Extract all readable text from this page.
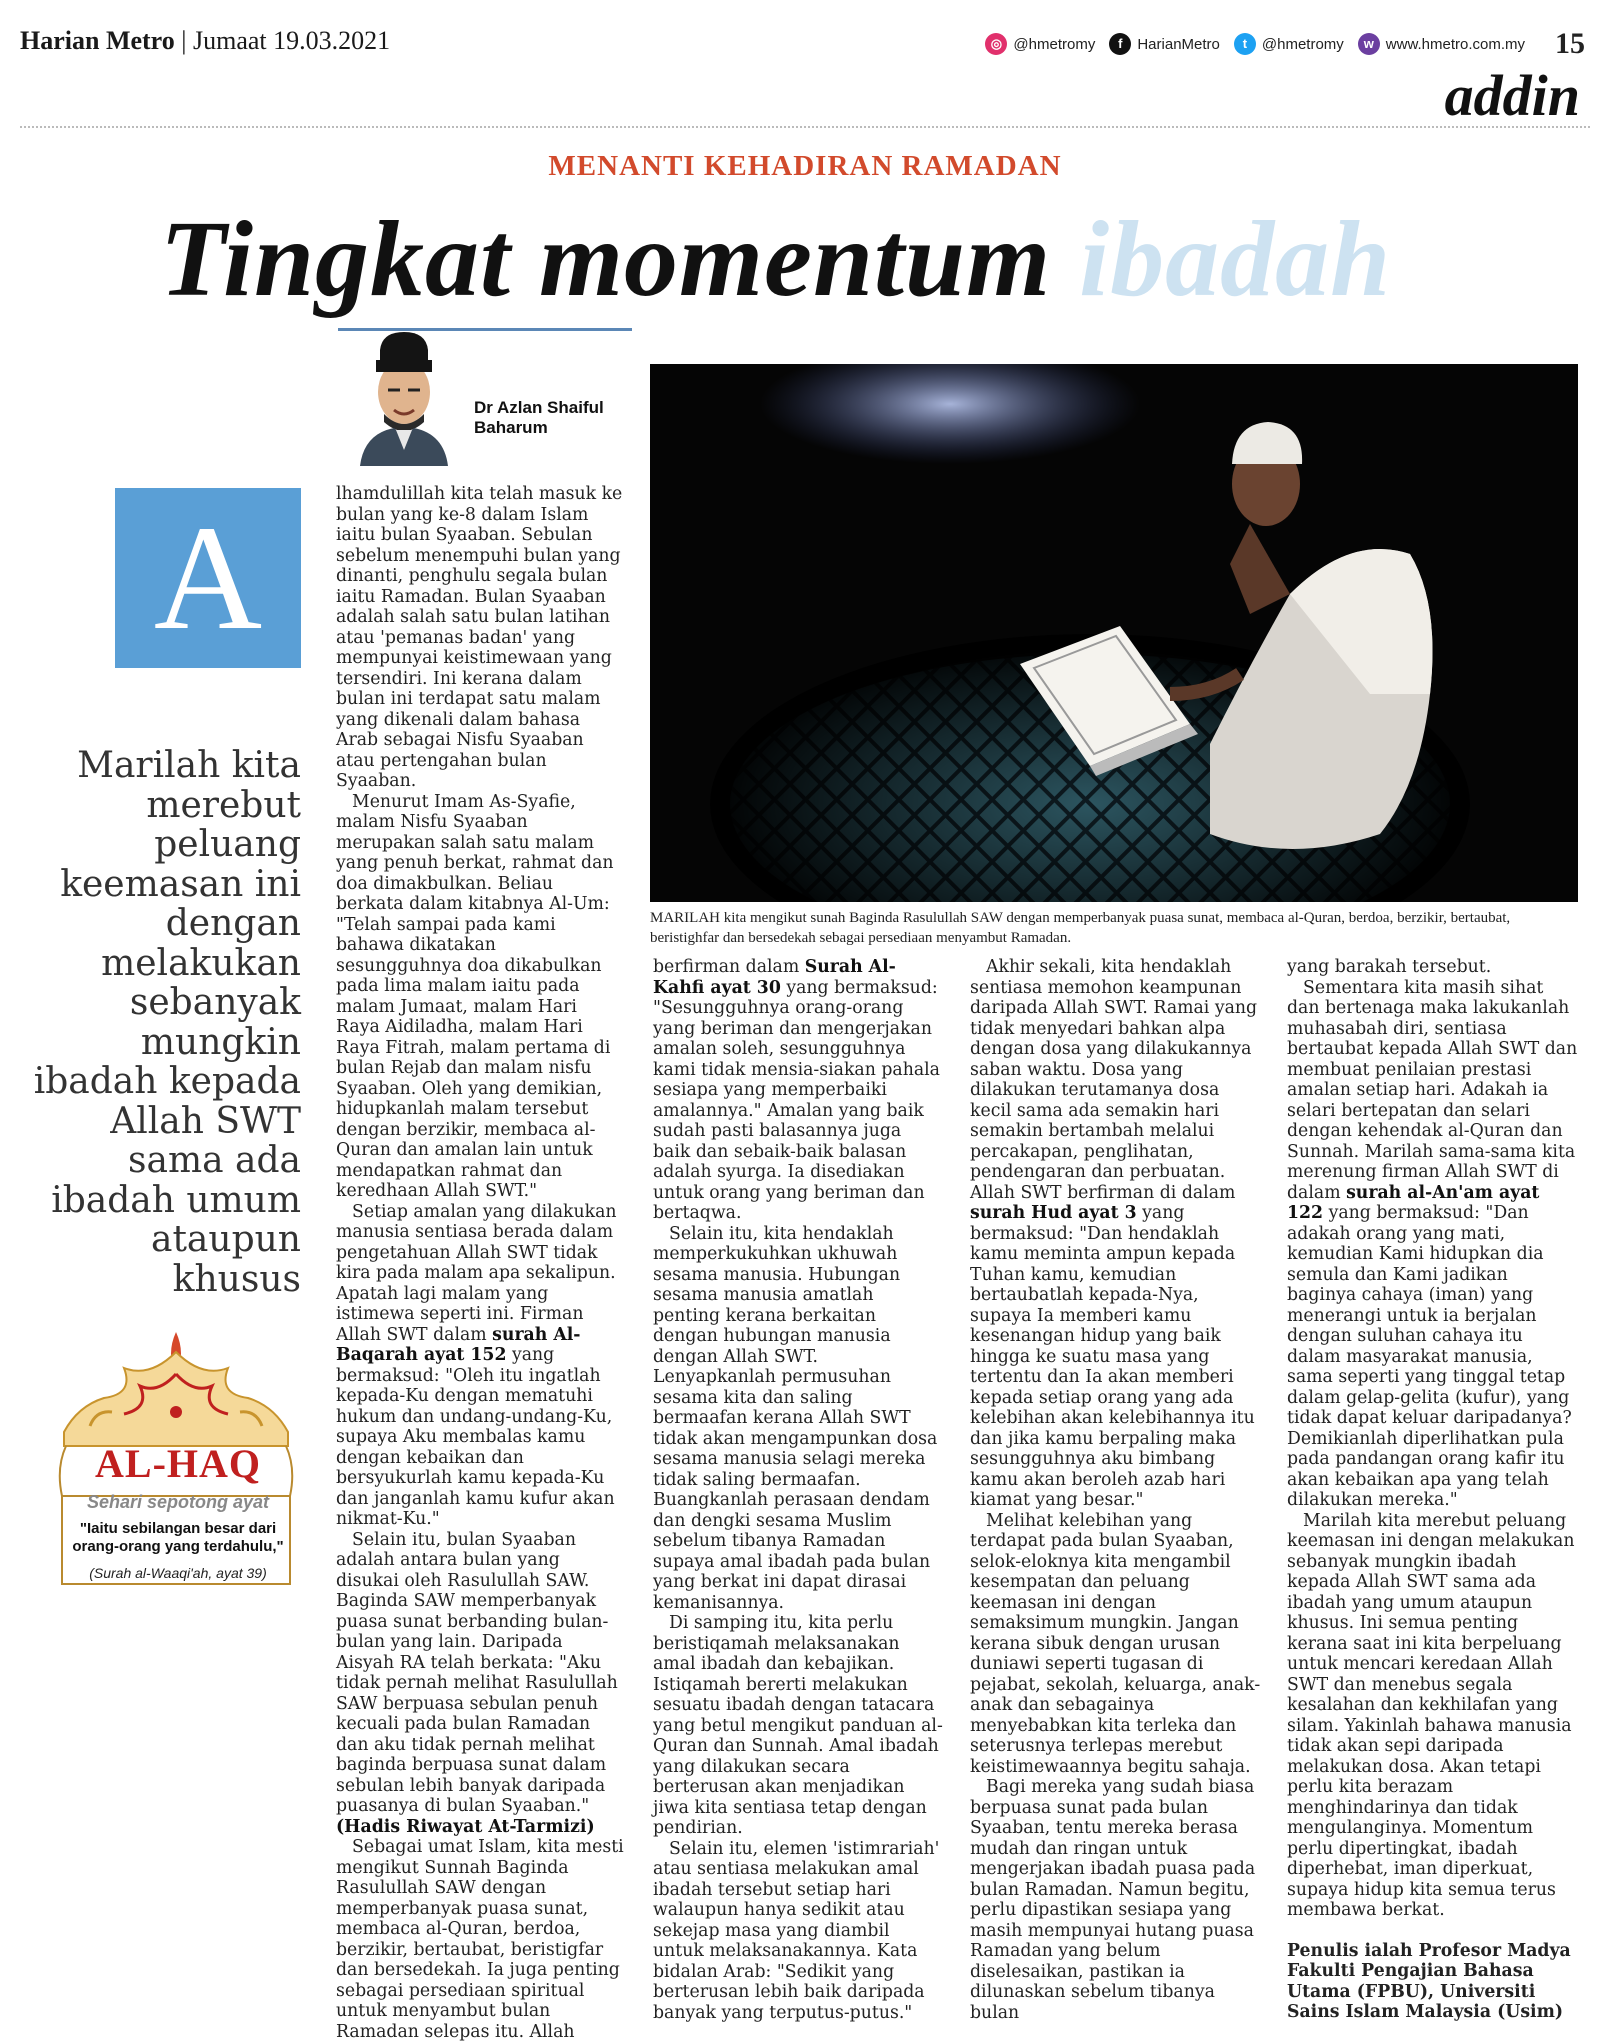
Harian Metro | Jumaat 19.03.2021	◎ @hmetromy	f HarianMetro	t @hmetromy	w www.hmetro.com.my 15
addin
MENANTI KEHADIRAN RAMADAN
Tingkat momentum ibadah
Dr Azlan Shaiful
Baharum
A
Marilah kita merebut peluang keemasan ini dengan melakukan sebanyak mungkin ibadah kepada Allah SWT sama ada ibadah umum ataupun khusus
AL-HAQ
Sehari sepotong ayat
"Iaitu sebilangan besar dari orang-orang yang terdahulu,"
(Surah al-Waaqi'ah, ayat 39)
MARILAH kita mengikut sunah Baginda Rasulullah SAW dengan memperbanyak puasa sunat, membaca al-Quran, berdoa, berzikir, bertaubat, beristighfar dan bersedekah sebagai persediaan menyambut Ramadan.

lhamdulillah kita telah masuk ke bulan yang ke-8 dalam Islam iaitu bulan Syaaban. Sebulan sebelum menempuhi bulan yang dinanti, penghulu segala bulan iaitu Ramadan. Bulan Syaaban adalah salah satu bulan latihan atau 'pemanas badan' yang mempunyai keistimewaan yang tersendiri. Ini kerana dalam bulan ini terdapat satu malam yang dikenali dalam bahasa Arab sebagai Nisfu Syaaban atau pertengahan bulan Syaaban.

Menurut Imam As-Syafie, malam Nisfu Syaaban merupakan salah satu malam yang penuh berkat, rahmat dan doa dimakbulkan. Beliau berkata dalam kitabnya Al-Um: "Telah sampai pada kami bahawa dikatakan sesungguhnya doa dikabulkan pada lima malam iaitu pada malam Jumaat, malam Hari Raya Aidiladha, malam Hari Raya Fitrah, malam pertama di bulan Rejab dan malam nisfu Syaaban. Oleh yang demikian, hidupkanlah malam tersebut dengan berzikir, membaca al-Quran dan amalan lain untuk mendapatkan rahmat dan keredhaan Allah SWT."

Setiap amalan yang dilakukan manusia sentiasa berada dalam pengetahuan Allah SWT tidak kira pada malam apa sekalipun. Apatah lagi malam yang istimewa seperti ini. Firman Allah SWT dalam surah Al-Baqarah ayat 152 yang bermaksud: "Oleh itu ingatlah kepada-Ku dengan mematuhi hukum dan undang-undang-Ku, supaya Aku membalas kamu dengan kebaikan dan bersyukurlah kamu kepada-Ku dan janganlah kamu kufur akan nikmat-Ku."

Selain itu, bulan Syaaban adalah antara bulan yang disukai oleh Rasulullah SAW. Baginda SAW memperbanyak puasa sunat berbanding bulan-bulan yang lain. Daripada Aisyah RA telah berkata: "Aku tidak pernah melihat Rasulullah SAW berpuasa sebulan penuh kecuali pada bulan Ramadan dan aku tidak pernah melihat baginda berpuasa sunat dalam sebulan lebih banyak daripada puasanya di bulan Syaaban." (Hadis Riwayat At-Tarmizi)

Sebagai umat Islam, kita mesti mengikut Sunnah Baginda Rasulullah SAW dengan memperbanyak puasa sunat, membaca al-Quran, berdoa, berzikir, bertaubat, beristigfar dan bersedekah. Ia juga penting sebagai persediaan spiritual untuk menyambut bulan Ramadan selepas itu. Allah

berfirman dalam Surah Al-Kahfi ayat 30 yang bermaksud: "Sesungguhnya orang-orang yang beriman dan mengerjakan amalan soleh, sesungguhnya kami tidak mensia-siakan pahala sesiapa yang memperbaiki amalannya." Amalan yang baik sudah pasti balasannya juga baik dan sebaik-baik balasan adalah syurga. Ia disediakan untuk orang yang beriman dan bertaqwa.

Selain itu, kita hendaklah memperkukuhkan ukhuwah sesama manusia. Hubungan sesama manusia amatlah penting kerana berkaitan dengan hubungan manusia dengan Allah SWT. Lenyapkanlah permusuhan sesama kita dan saling bermaafan kerana Allah SWT tidak akan mengampunkan dosa sesama manusia selagi mereka tidak saling bermaafan. Buangkanlah perasaan dendam dan dengki sesama Muslim sebelum tibanya Ramadan supaya amal ibadah pada bulan yang berkat ini dapat dirasai kemanisannya.

Di samping itu, kita perlu beristiqamah melaksanakan amal ibadah dan kebajikan. Istiqamah bererti melakukan sesuatu ibadah dengan tatacara yang betul mengikut panduan al-Quran dan Sunnah. Amal ibadah yang dilakukan secara berterusan akan menjadikan jiwa kita sentiasa tetap dengan pendirian.

Selain itu, elemen 'istimrariah' atau sentiasa melakukan amal ibadah tersebut setiap hari walaupun hanya sedikit atau sekejap masa yang diambil untuk melaksanakannya. Kata bidalan Arab: "Sedikit yang berterusan lebih baik daripada banyak yang terputus-putus."

Akhir sekali, kita hendaklah sentiasa memohon keampunan daripada Allah SWT. Ramai yang tidak menyedari bahkan alpa dengan dosa yang dilakukannya saban waktu. Dosa yang dilakukan terutamanya dosa kecil sama ada semakin hari semakin bertambah melalui percakapan, penglihatan, pendengaran dan perbuatan.

Allah SWT berfirman di dalam surah Hud ayat 3 yang bermaksud: "Dan hendaklah kamu meminta ampun kepada Tuhan kamu, kemudian bertaubatlah kepada-Nya, supaya Ia memberi kamu kesenangan hidup yang baik hingga ke suatu masa yang tertentu dan Ia akan memberi kepada setiap orang yang ada kelebihan akan kelebihannya itu dan jika kamu berpaling maka sesungguhnya aku bimbang kamu akan beroleh azab hari kiamat yang besar."

Melihat kelebihan yang terdapat pada bulan Syaaban, selok-eloknya kita mengambil kesempatan dan peluang keemasan ini dengan semaksimum mungkin. Jangan kerana sibuk dengan urusan duniawi seperti tugasan di pejabat, sekolah, keluarga, anak-anak dan sebagainya menyebabkan kita terleka dan seterusnya terlepas merebut keistimewaannya begitu sahaja.

Bagi mereka yang sudah biasa berpuasa sunat pada bulan Syaaban, tentu mereka berasa mudah dan ringan untuk mengerjakan ibadah puasa pada bulan Ramadan. Namun begitu, perlu dipastikan sesiapa yang masih mempunyai hutang puasa Ramadan yang belum diselesaikan, pastikan ia dilunaskan sebelum tibanya bulan

yang barakah tersebut.

Sementara kita masih sihat dan bertenaga maka lakukanlah muhasabah diri, sentiasa bertaubat kepada Allah SWT dan membuat penilaian prestasi amalan setiap hari. Adakah ia selari bertepatan dan selari dengan kehendak al-Quran dan Sunnah. Marilah sama-sama kita merenung firman Allah SWT di dalam surah al-An'am ayat 122 yang bermaksud: "Dan adakah orang yang mati, kemudian Kami hidupkan dia semula dan Kami jadikan baginya cahaya (iman) yang menerangi untuk ia berjalan dengan suluhan cahaya itu dalam masyarakat manusia, sama seperti yang tinggal tetap dalam gelap-gelita (kufur), yang tidak dapat keluar daripadanya? Demikianlah diperlihatkan pula pada pandangan orang kafir itu akan kebaikan apa yang telah dilakukan mereka."

Marilah kita merebut peluang keemasan ini dengan melakukan sebanyak mungkin ibadah kepada Allah SWT sama ada ibadah yang umum ataupun khusus. Ini semua penting kerana saat ini kita berpeluang untuk mencari keredaan Allah SWT dan menebus segala kesalahan dan kekhilafan yang silam. Yakinlah bahawa manusia tidak akan sepi daripada melakukan dosa. Akan tetapi perlu kita berazam menghindarinya dan tidak mengulanginya. Momentum perlu dipertingkat, ibadah diperhebat, iman diperkuat, supaya hidup kita semua terus membawa berkat.

Penulis ialah Profesor Madya Fakulti Pengajian Bahasa Utama (FPBU), Universiti Sains Islam Malaysia (Usim)
